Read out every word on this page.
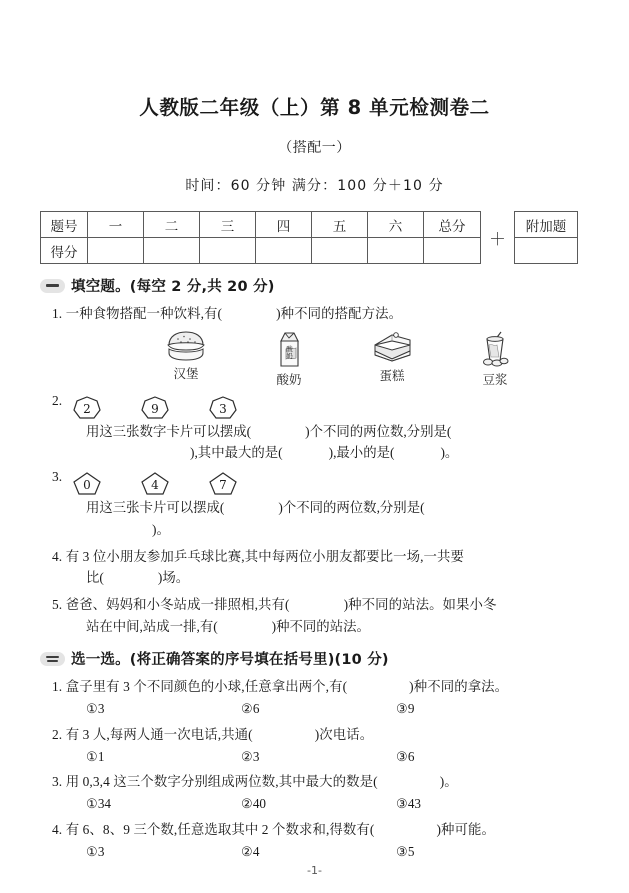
人教版二年级（上）第 8 单元检测卷二
（搭配一）
时间：60 分钟 满分：100 分＋10 分
题号	一	二	三	四	五	六	总分
得分							
＋
附加题

填空题。(每空 2 分,共 20 分)
1. 一种食物搭配一种饮料,有(	)种不同的搭配方法。
汉堡
酸
奶
酸奶	蛋糕	豆浆
2.
2	9	3
用这三张数字卡片可以摆成(	)个不同的两位数,分别是(
),其中最大的是(	),最小的是(	)。
3.
0	4	7
用这三张卡片可以摆成(	)个不同的两位数,分别是(
)。
4. 有 3 位小朋友参加乒乓球比赛,其中每两位小朋友都要比一场,一共要
比(	)场。
5. 爸爸、妈妈和小冬站成一排照相,共有(	)种不同的站法。如果小冬
站在中间,站成一排,有(	)种不同的站法。
选一选。(将正确答案的序号填在括号里)(10 分)
1. 盒子里有 3 个不同颜色的小球,任意拿出两个,有(	)种不同的拿法。
①3	②6	③9
2. 有 3 人,每两人通一次电话,共通(	)次电话。
①1	②3	③6
3. 用 0,3,4 这三个数字分别组成两位数,其中最大的数是(	)。
①34	②40	③43
4. 有 6、8、9 三个数,任意选取其中 2 个数求和,得数有(	)种可能。
①3	②4	③5
-1-
